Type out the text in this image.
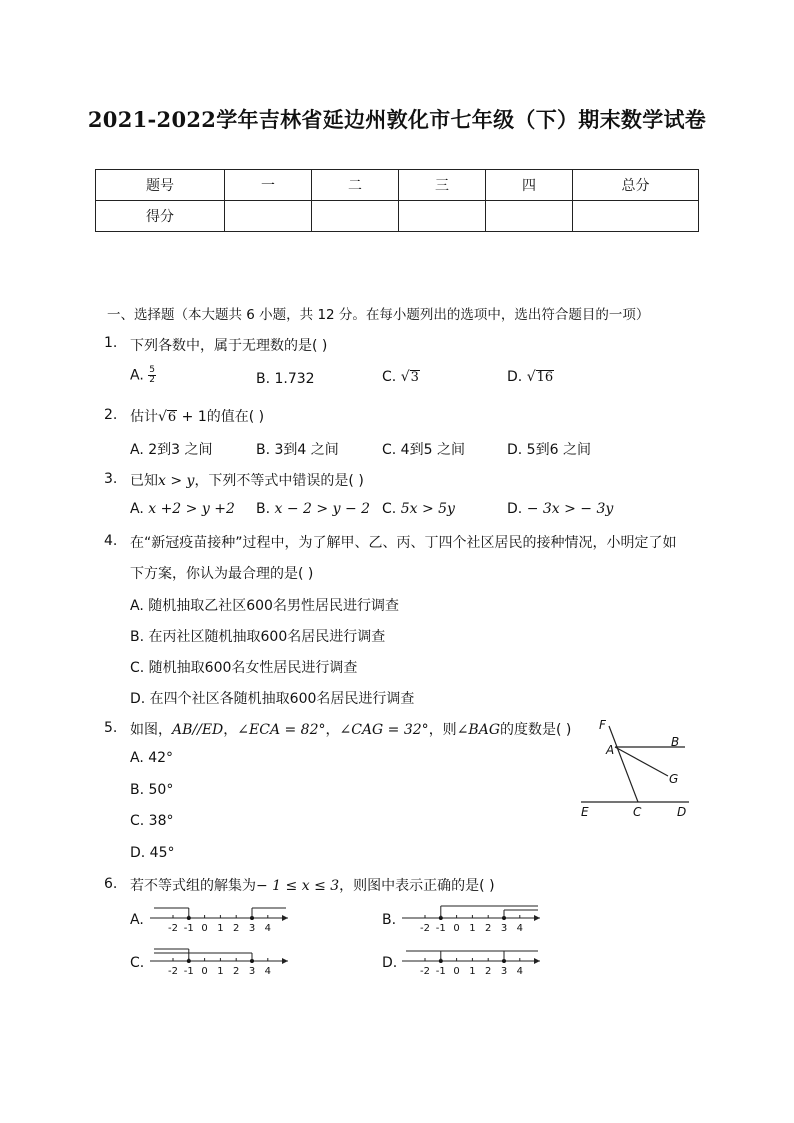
2021-2022学年吉林省延边州敦化市七年级（下）期末数学试卷
题号	一	二	三	四	总分
得分					
一、选择题（本大题共 6 小题，共 12 分。在每小题列出的选项中，选出符合题目的一项）
1. 下列各数中，属于无理数的是( )
A. $\frac{5}{2}$	B. 1.732	C. √3	D. √16
2. 估计√6 + 1的值在( )
A. 2到3 之间	B. 3到4 之间	C. 4到5 之间	D. 5到6 之间
3. 已知x > y，下列不等式中错误的是( )
A. x +2 > y +2 B. x − 2 > y − 2 C. 5x > 5y	D. − 3x > − 3y
4. 在“新冠疫苗接种”过程中，为了解甲、乙、丙、丁四个社区居民的接种情况，小明定了如
下方案，你认为最合理的是( )
A. 随机抽取乙社区600名男性居民进行调查
B. 在丙社区随机抽取600名居民进行调查
C. 随机抽取600名女性居民进行调查
D. 在四个社区各随机抽取600名居民进行调查
5. 如图，AB//ED，∠ECA = 82°，∠CAG = 32°，则∠BAG的度数是( )
A. 42°
B. 50°
C. 38°
D. 45°
F
A
B
G
E	C	D
6. 若不等式组的解集为− 1 ≤ x ≤ 3，则图中表示正确的是( )
A.	B.
C.	D.
-2 -1 0 1 2 3 4	-2 -1 0 1 2 3 4
-2 -1 0 1 2 3 4	-2 -1 0 1 2 3 4
